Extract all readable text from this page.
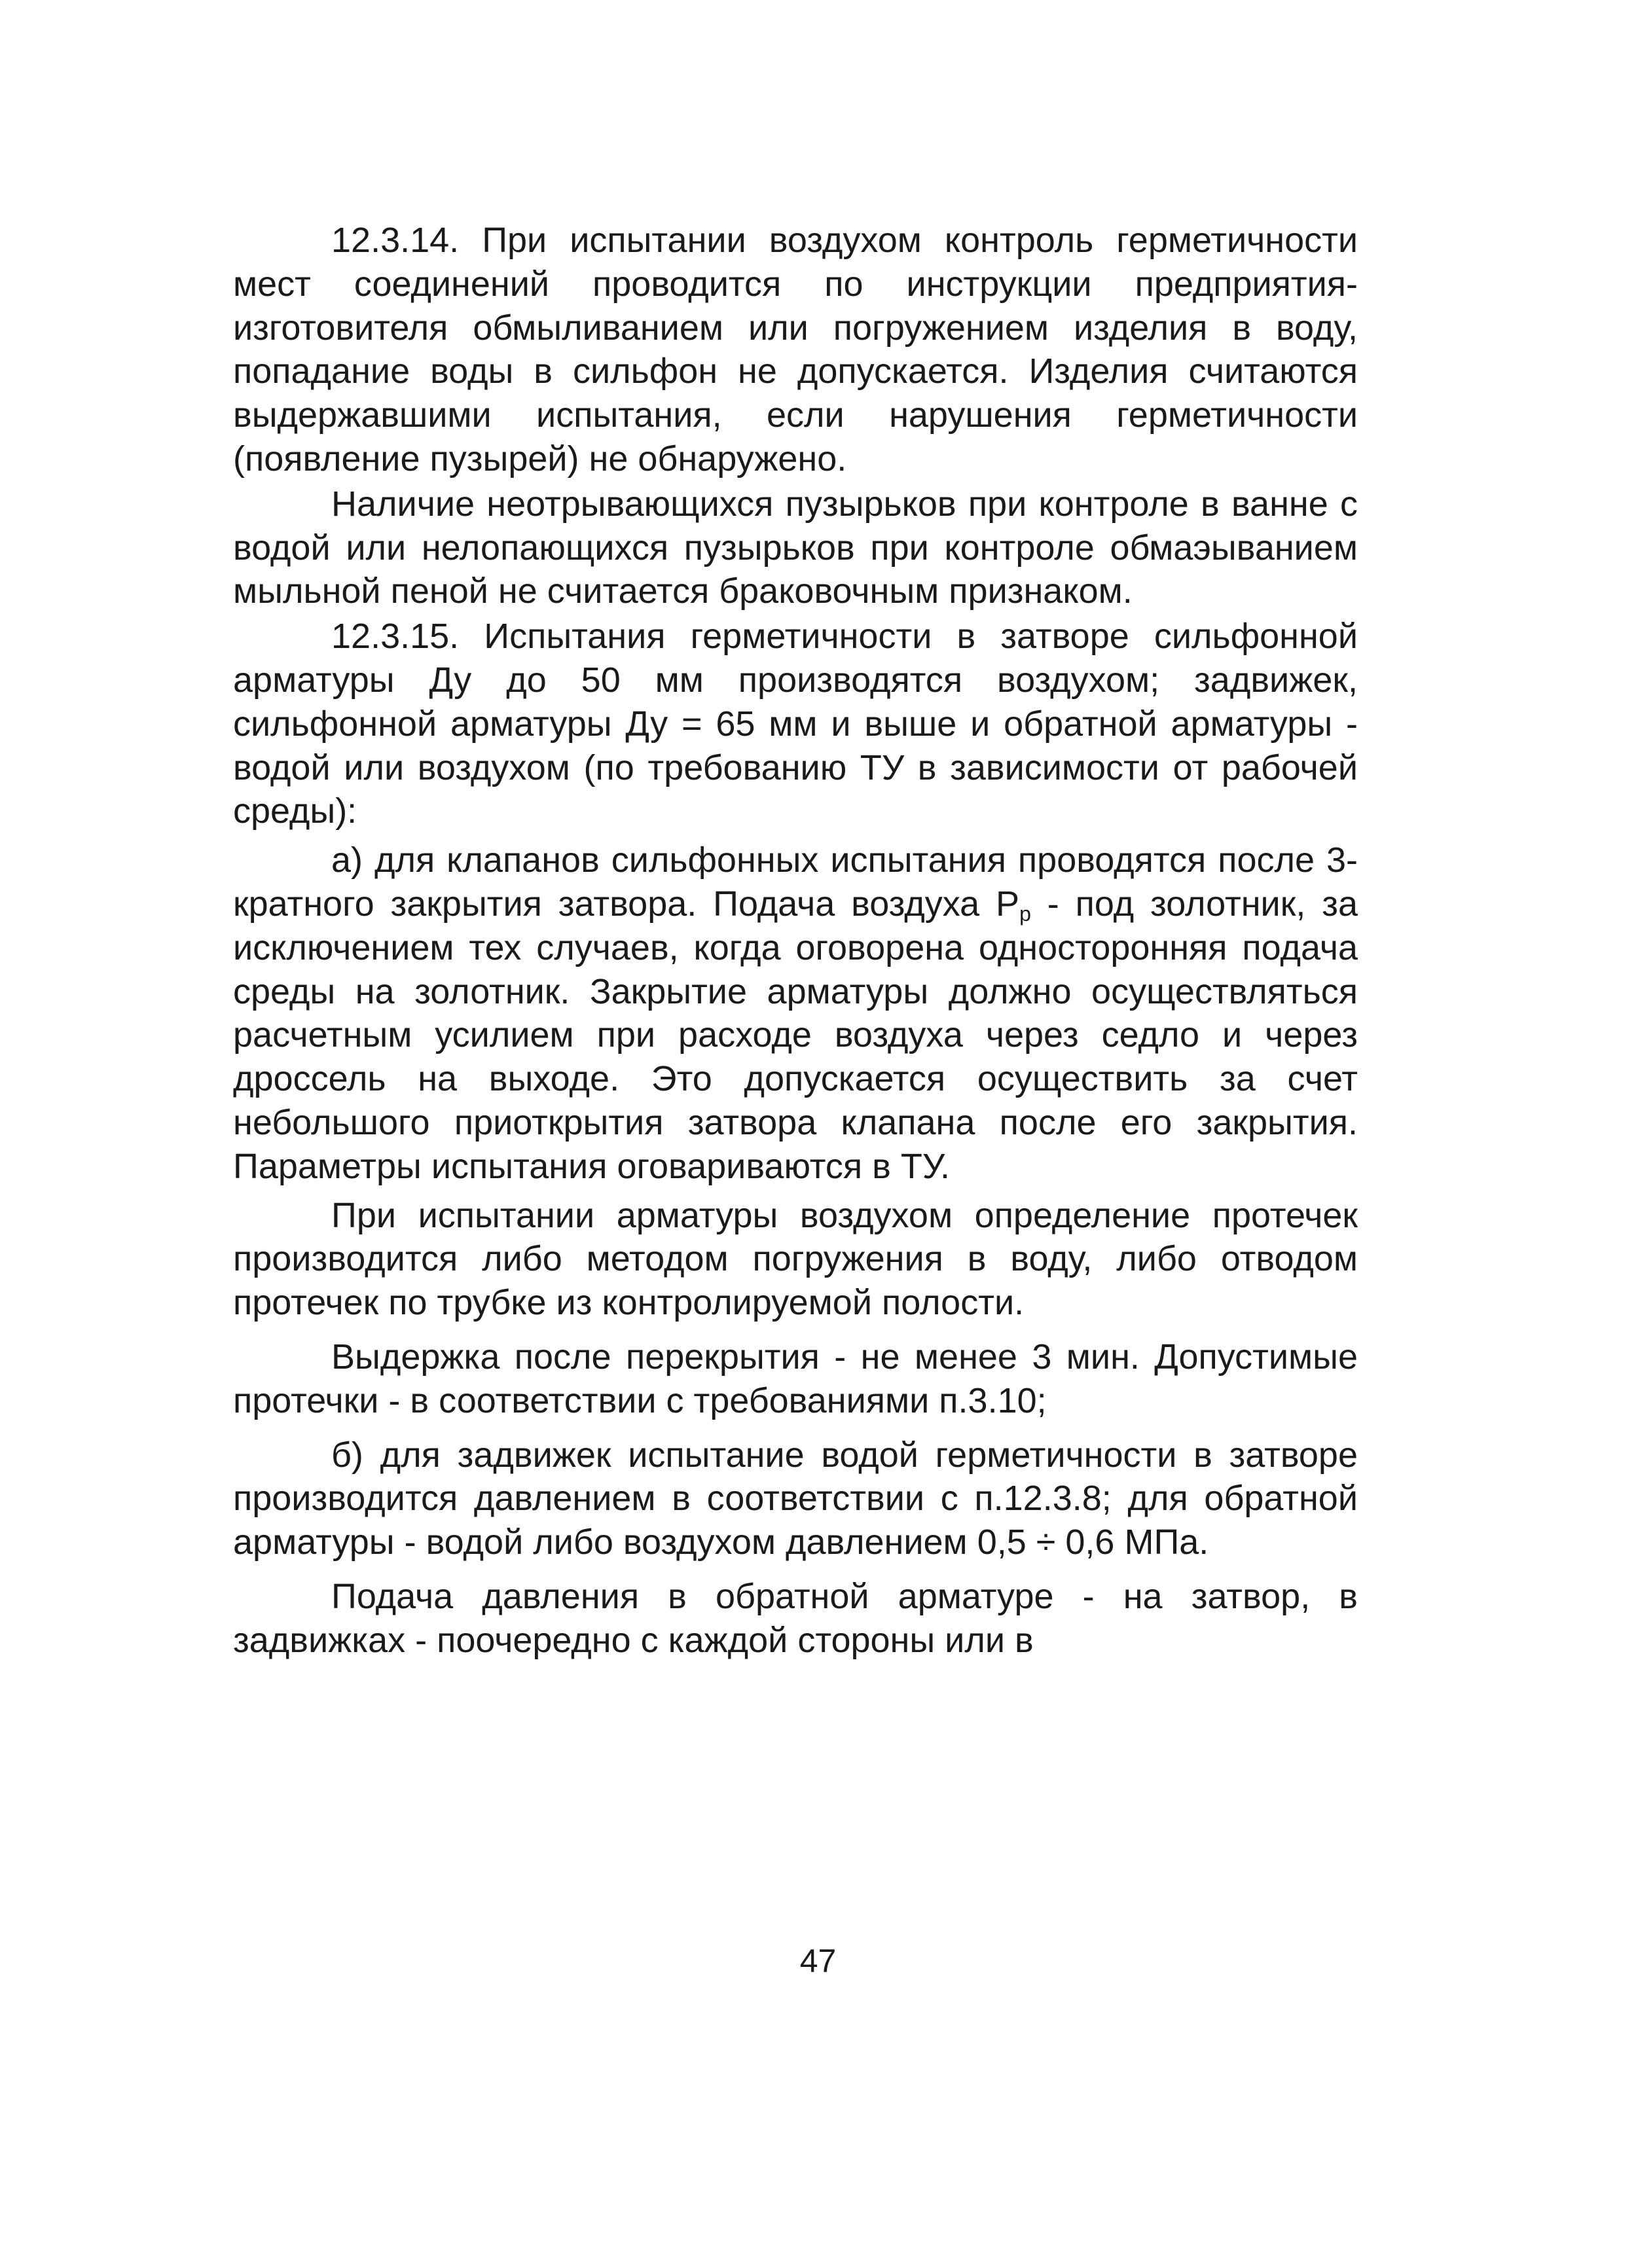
12.3.14. При испытании воздухом контроль герметичности мест соединений проводится по инструкции предприятия-изготовителя обмыливанием или погружением изделия в воду, попадание воды в сильфон не допускается. Изделия считаются выдержавшими испытания, если нарушения герметичности (появление пузырей) не обнаружено.

Наличие неотрывающихся пузырьков при контроле в ванне с водой или нелопающихся пузырьков при контроле обмаэыванием мыльной пеной не считается браковочным признаком.

12.3.15. Испытания герметичности в затворе сильфонной арматуры Ду до 50 мм производятся воздухом; задвижек, сильфонной арматуры Ду = 65 мм и выше и обратной арматуры - водой или воздухом (по требованию ТУ в зависимости от рабочей среды):

а) для клапанов сильфонных испытания проводятся после 3-кратного закрытия затвора. Подача воздуха $Р_р$ - под золотник, за исключением тех случаев, когда оговорена односторонняя подача среды на золотник. Закрытие арматуры должно осуществляться расчетным усилием при расходе воздуха через седло и через дроссель на выходе. Это допускается осуществить за счет небольшого приоткрытия затвора клапана после его закрытия. Параметры испытания оговариваются в ТУ.

При испытании арматуры воздухом определение протечек производится либо методом погружения в воду, либо отводом протечек по трубке из контролируемой полости.

Выдержка после перекрытия - не менее 3 мин. Допустимые протечки - в соответствии с требованиями п.3.10;

б) для задвижек испытание водой герметичности в затворе производится давлением в соответствии с п.12.3.8; для обратной арматуры - водой либо воздухом давлением 0,5 ÷ 0,6 МПа.

Подача давления в обратной арматуре - на затвор, в задвижках - поочередно с каждой стороны или в

47
